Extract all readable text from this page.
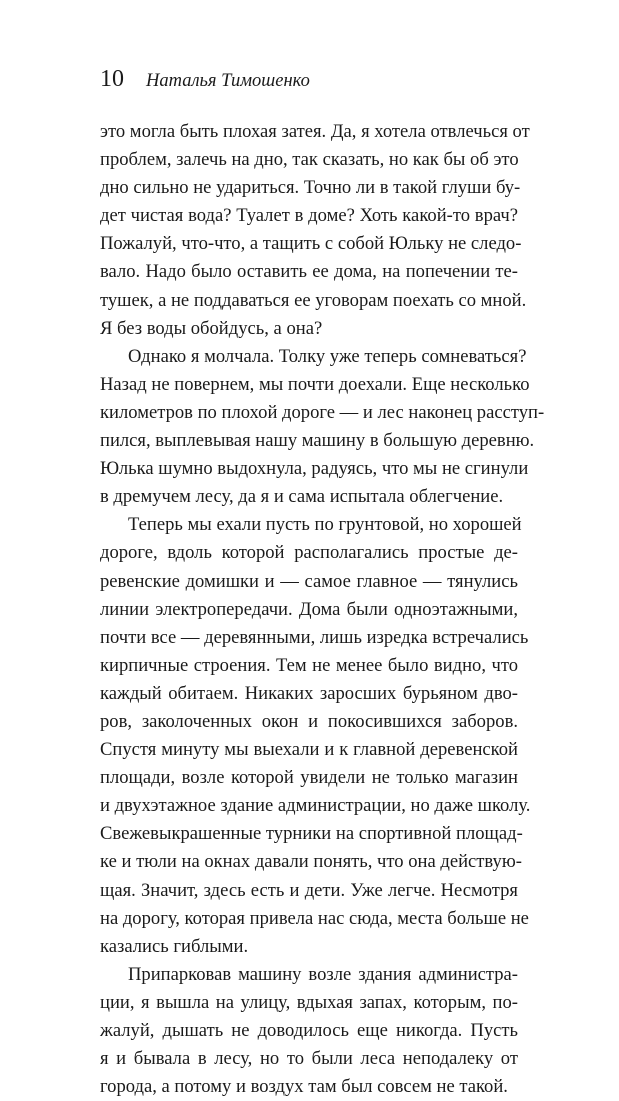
10 Наталья Тимошенко

это могла быть плохая затея. Да, я хотела отвлечься от
проблем, залечь на дно, так сказать, но как бы об это
дно сильно не удариться. Точно ли в такой глуши бу-
дет чистая вода? Туалет в доме? Хоть какой-то врач?
Пожалуй, что-что, а тащить с собой Юльку не следо-
вало. Надо было оставить ее дома, на попечении те-
тушек, а не поддаваться ее уговорам поехать со мной.
Я без воды обойдусь, а она?

Однако я молчала. Толку уже теперь сомневаться?
Назад не повернем, мы почти доехали. Еще несколько
километров по плохой дороге — и лес наконец расступ-
пился, выплевывая нашу машину в большую деревню.
Юлька шумно выдохнула, радуясь, что мы не сгинули
в дремучем лесу, да я и сама испытала облегчение.

Теперь мы ехали пусть по грунтовой, но хорошей
дороге, вдоль которой располагались простые де-
ревенские домишки и — самое главное — тянулись
линии электропередачи. Дома были одноэтажными,
почти все — деревянными, лишь изредка встречались
кирпичные строения. Тем не менее было видно, что
каждый обитаем. Никаких заросших бурьяном дво-
ров, заколоченных окон и покосившихся заборов.
Спустя минуту мы выехали и к главной деревенской
площади, возле которой увидели не только магазин
и двухэтажное здание администрации, но даже школу.
Свежевыкрашенные турники на спортивной площад-
ке и тюли на окнах давали понять, что она действую-
щая. Значит, здесь есть и дети. Уже легче. Несмотря
на дорогу, которая привела нас сюда, места больше не
казались гиблыми.

Припарковав машину возле здания администра-
ции, я вышла на улицу, вдыхая запах, которым, по-
жалуй, дышать не доводилось еще никогда. Пусть
я и бывала в лесу, но то были леса неподалеку от
города, а потому и воздух там был совсем не такой.
